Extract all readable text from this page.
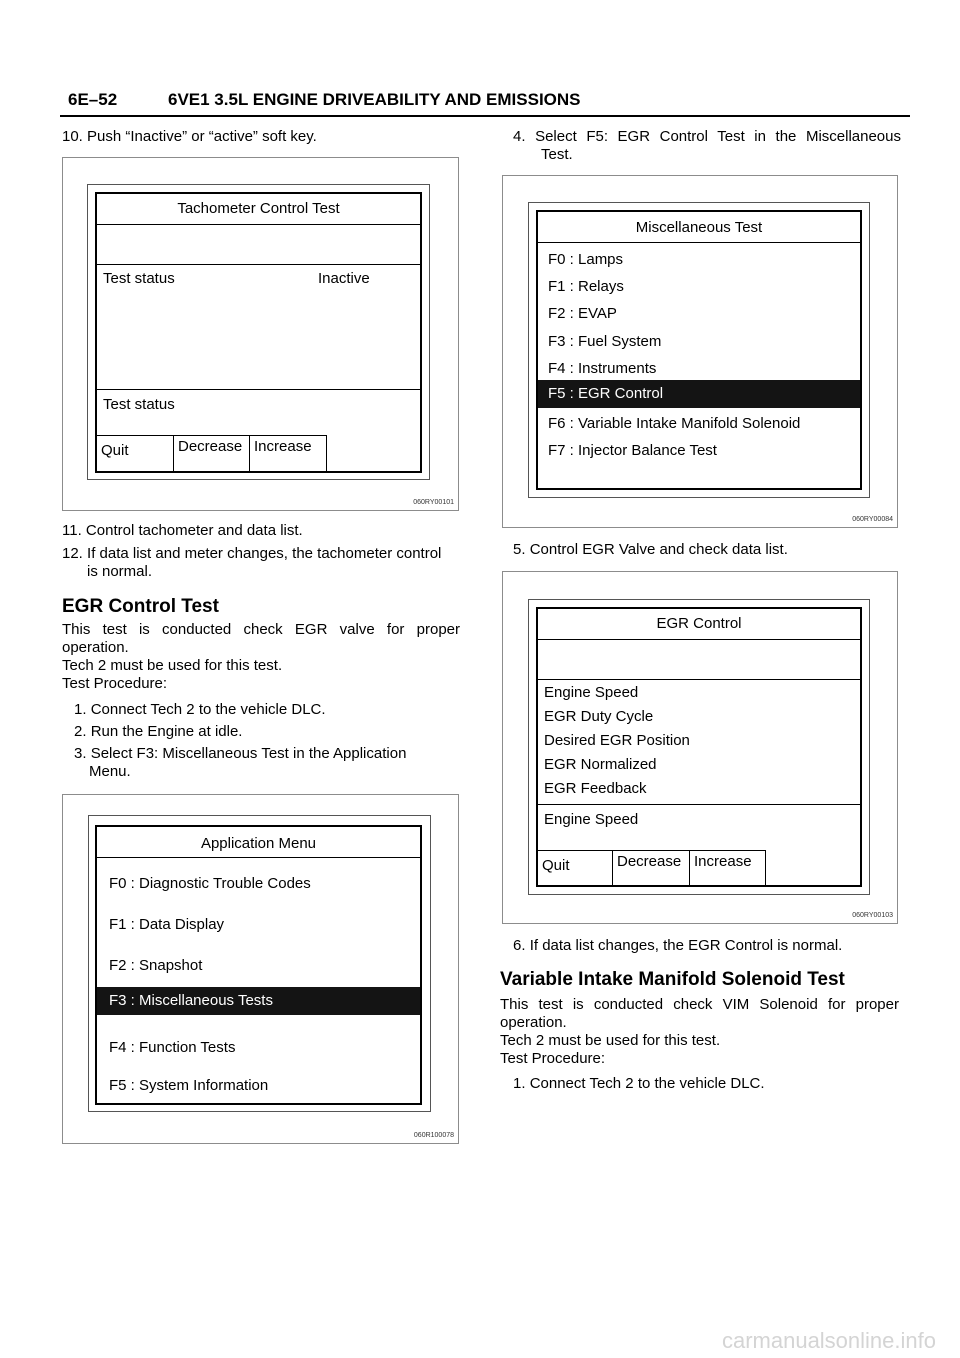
6E–52	6VE1 3.5L ENGINE DRIVEABILITY AND EMISSIONS
10. Push “Inactive” or “active” soft key.
Tachometer Control Test
Test status	Inactive
Test status
Quit	Decrease Increase
060RY00101
11. Control tachometer and data list.
12. If data list and meter changes, the tachometer control
is normal.
EGR Control Test
This test is conducted check EGR valve for proper
operation.
Tech 2 must be used for this test.
Test Procedure:
1. Connect Tech 2 to the vehicle DLC.
2. Run the Engine at idle.
3. Select F3: Miscellaneous Test in the Application
Menu.
Application Menu
F0 : Diagnostic Trouble Codes
F1 : Data Display
F2 : Snapshot
F3 : Miscellaneous Tests
F4 : Function Tests
F5 : System Information
060R100078
4. Select F5: EGR Control Test in the Miscellaneous
Test.
Miscellaneous Test
F0 : Lamps
F1 : Relays
F2 : EVAP
F3 : Fuel System
F4 : Instruments
F5 : EGR Control
F6 : Variable Intake Manifold Solenoid
F7 : Injector Balance Test
060RY00084
5. Control EGR Valve and check data list.
EGR Control
Engine Speed
EGR Duty Cycle
Desired EGR Position
EGR Normalized
EGR Feedback
Engine Speed
Quit	Decrease Increase
060RY00103
6. If data list changes, the EGR Control is normal.
Variable Intake Manifold Solenoid Test
This test is conducted check VIM Solenoid for proper
operation.
Tech 2 must be used for this test.
Test Procedure:
1. Connect Tech 2 to the vehicle DLC.
carmanualsonline.info
